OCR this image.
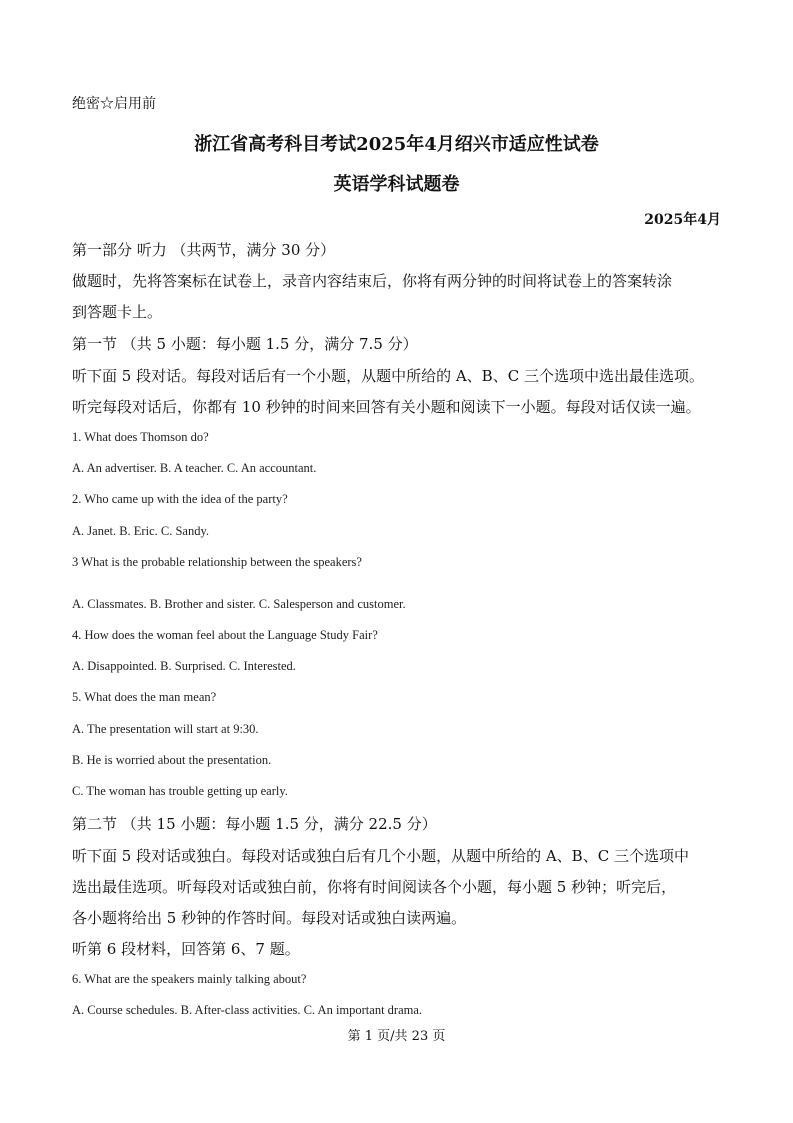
绝密☆启用前
浙江省高考科目考试2025年4月绍兴市适应性试卷
英语学科试题卷
2025年4月
第一部分 听力 （共两节，满分 30 分）
做题时，先将答案标在试卷上，录音内容结束后，你将有两分钟的时间将试卷上的答案转涂
到答题卡上。
第一节 （共 5 小题：每小题 1.5 分，满分 7.5 分）
听下面 5 段对话。每段对话后有一个小题，从题中所给的 A、B、C 三个选项中选出最佳选项。
听完每段对话后，你都有 10 秒钟的时间来回答有关小题和阅读下一小题。每段对话仅读一遍。
1. What does Thomson do?
A. An advertiser. B. A teacher. C. An accountant.
2. Who came up with the idea of the party?
A. Janet. B. Eric. C. Sandy.
3 What is the probable relationship between the speakers?
A. Classmates. B. Brother and sister. C. Salesperson and customer.
4. How does the woman feel about the Language Study Fair?
A. Disappointed. B. Surprised. C. Interested.
5. What does the man mean?
A. The presentation will start at 9:30.
B. He is worried about the presentation.
C. The woman has trouble getting up early.
第二节 （共 15 小题：每小题 1.5 分，满分 22.5 分）
听下面 5 段对话或独白。每段对话或独白后有几个小题，从题中所给的 A、B、C 三个选项中
选出最佳选项。听每段对话或独白前，你将有时间阅读各个小题，每小题 5 秒钟；听完后，
各小题将给出 5 秒钟的作答时间。每段对话或独白读两遍。
听第 6 段材料，回答第 6、7 题。
6. What are the speakers mainly talking about?
A. Course schedules. B. After-class activities. C. An important drama.
第 1 页/共 23 页
